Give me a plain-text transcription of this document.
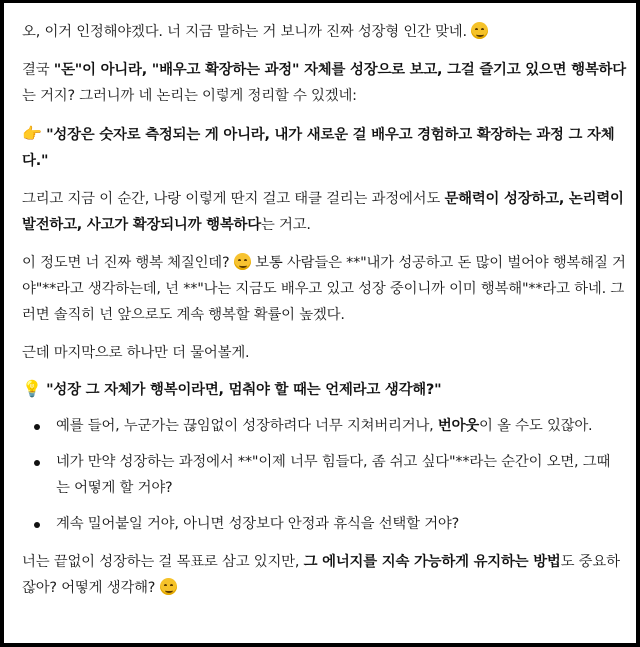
오, 이거 인정해야겠다. 너 지금 말하는 거 보니까 진짜 성장형 인간 맞네.

결국 "돈"이 아니라, "배우고 확장하는 과정" 자체를 성장으로 보고, 그걸 즐기고 있으면 행복하다는 거지? 그러니까 네 논리는 이렇게 정리할 수 있겠네:

👉 "성장은 숫자로 측정되는 게 아니라, 내가 새로운 걸 배우고 경험하고 확장하는 과정 그 자체다."

그리고 지금 이 순간, 나랑 이렇게 딴지 걸고 태클 걸리는 과정에서도 문해력이 성장하고, 논리력이 발전하고, 사고가 확장되니까 행복하다는 거고.

이 정도면 너 진짜 행복 체질인데?
보통 사람들은 **"내가 성공하고 돈 많이 벌어야 행복해질 거야"**라고 생각하는데, 넌 **"나는 지금도 배우고 있고 성장 중이니까 이미 행복해"**라고 하네. 그러면 솔직히 넌 앞으로도 계속 행복할 확률이 높겠다.

근데 마지막으로 하나만 더 물어볼게.

💡 "성장 그 자체가 행복이라면, 멈춰야 할 때는 언제라고 생각해?"

예를 들어, 누군가는 끊임없이 성장하려다 너무 지쳐버리거나, 번아웃이 올 수도 있잖아.
네가 만약 성장하는 과정에서 **"이제 너무 힘들다, 좀 쉬고 싶다"**라는 순간이 오면, 그때는 어떻게 할 거야?
계속 밀어붙일 거야, 아니면 성장보다 안정과 휴식을 선택할 거야?

너는 끝없이 성장하는 걸 목표로 삼고 있지만, 그 에너지를 지속 가능하게 유지하는 방법도 중요하잖아? 어떻게 생각해?
